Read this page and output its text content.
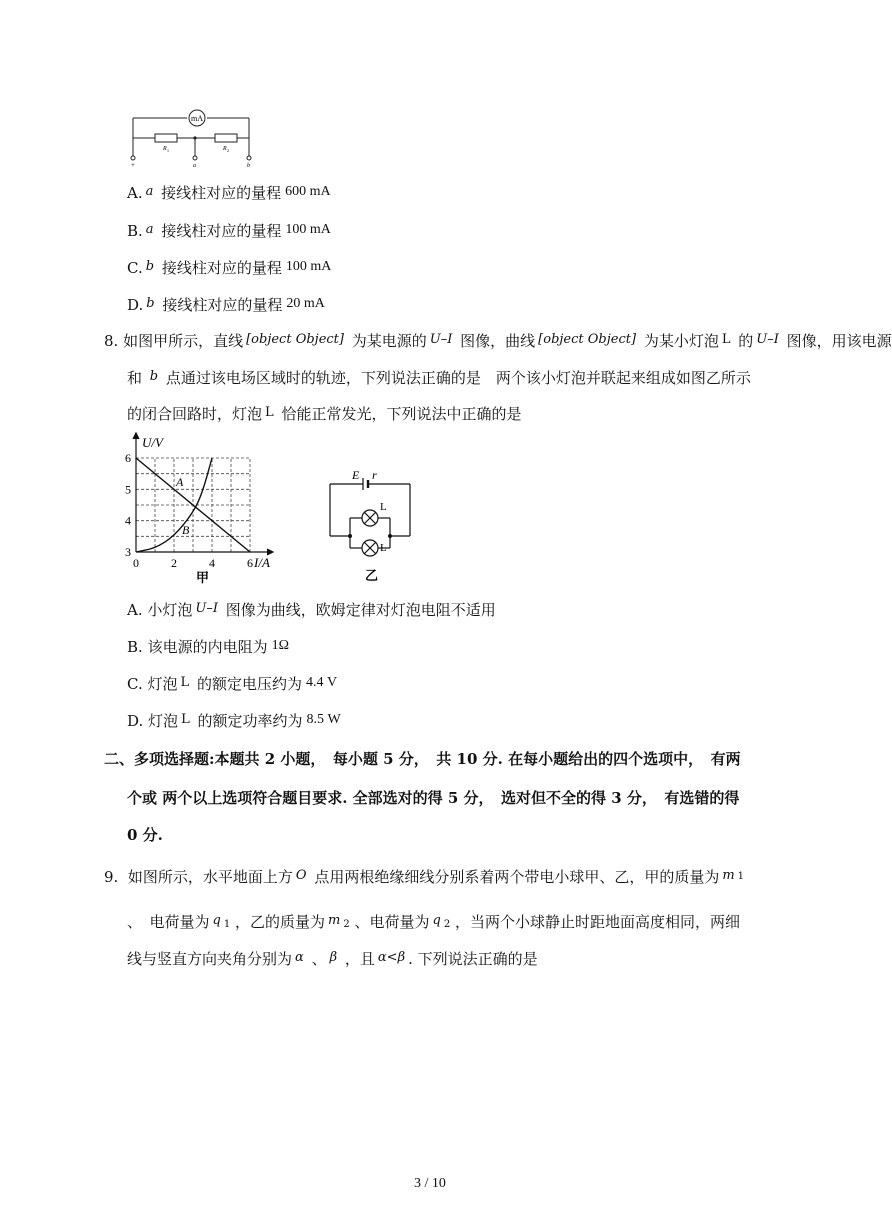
mA
R 1	R 2
+	a	b
A. a 接线柱对应的量程 600 mA
B. a 接线柱对应的量程 100 mA
C. b 接线柱对应的量程 100 mA
D. b 接线柱对应的量程 20 mA
8. 如图甲所示，直线 [object Object] 为某电源的 U–I 图像，曲线 [object Object] 为某小灯泡 L 的 U–I 图像，用该电源
和 b 点通过该电场区域时的轨迹，下列说法正确的是　两个该小灯泡并联起来组成如图乙所示
的闭合回路时，灯泡 L 恰能正常发光，下列说法中正确的是
0	2	4	6
3
4
5
6
U/V
I/A
A
B
甲
E r
L
L
乙
A. 小灯泡 U–I 图像为曲线，欧姆定律对灯泡电阻不适用
B. 该电源的内电阻为 1Ω
C. 灯泡 L 的额定电压约为 4.4 V
D. 灯泡 L 的额定功率约为 8.5 W
二、多项选择题:本题共 2 小题，　每小题 5 分，　共 10 分. 在每小题给出的四个选项中，　有两
个或 两个以上选项符合题目要求. 全部选对的得 5 分，　选对但不全的得 3 分，　有选错的得
0 分.
9. 如图所示，水平地面上方 O 点用两根绝缘细线分别系着两个带电小球甲、乙，甲的质量为 m $^1$
、　电荷量为 q 1 ，乙的质量为 m 2 、电荷量为 q 2 ，当两个小球静止时距地面高度相同，两细
线与竖直方向夹角分别为 α 、 β ，且 α<β . 下列说法正确的是
3 / 10
